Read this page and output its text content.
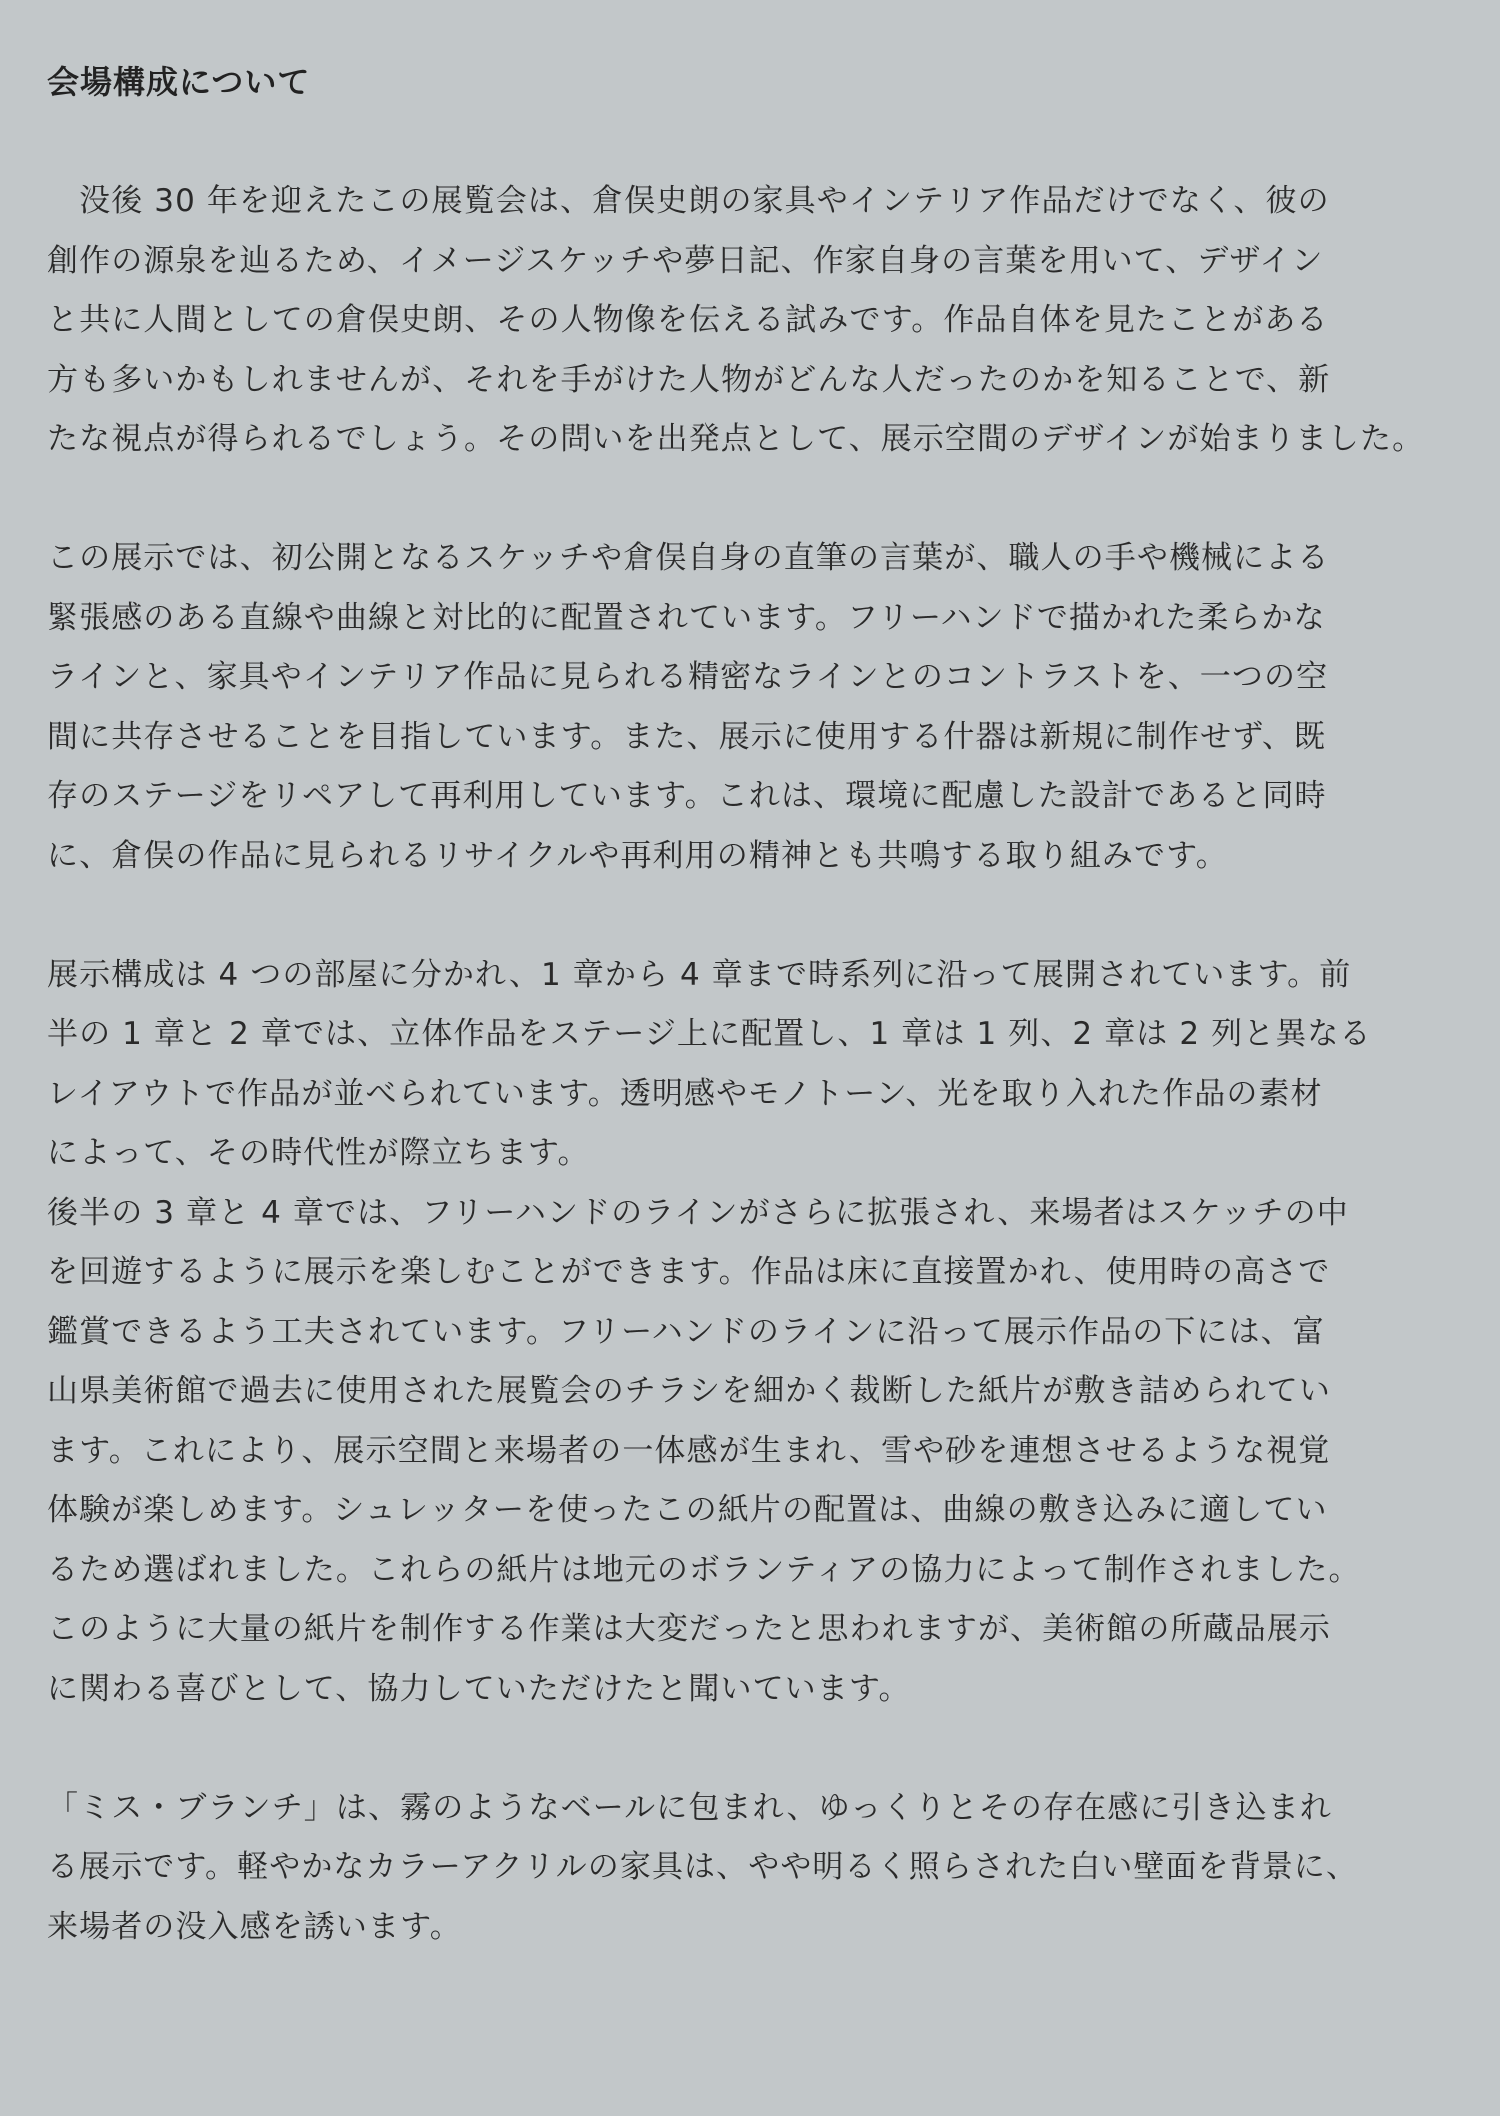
会場構成について

　没後 30 年を迎えたこの展覧会は、倉俣史朗の家具やインテリア作品だけでなく、彼の

創作の源泉を辿るため、イメージスケッチや夢日記、作家自身の言葉を用いて、デザイン

と共に人間としての倉俣史朗、その人物像を伝える試みです。作品自体を見たことがある

方も多いかもしれませんが、それを手がけた人物がどんな人だったのかを知ることで、新

たな視点が得られるでしょう。その問いを出発点として、展示空間のデザインが始まりました。

この展示では、初公開となるスケッチや倉俣自身の直筆の言葉が、職人の手や機械による

緊張感のある直線や曲線と対比的に配置されています。フリーハンドで描かれた柔らかな

ラインと、家具やインテリア作品に見られる精密なラインとのコントラストを、一つの空

間に共存させることを目指しています。また、展示に使用する什器は新規に制作せず、既

存のステージをリペアして再利用しています。これは、環境に配慮した設計であると同時

に、倉俣の作品に見られるリサイクルや再利用の精神とも共鳴する取り組みです。

展示構成は 4 つの部屋に分かれ、1 章から 4 章まで時系列に沿って展開されています。前

半の 1 章と 2 章では、立体作品をステージ上に配置し、1 章は 1 列、2 章は 2 列と異なる

レイアウトで作品が並べられています。透明感やモノトーン、光を取り入れた作品の素材

によって、その時代性が際立ちます。

後半の 3 章と 4 章では、フリーハンドのラインがさらに拡張され、来場者はスケッチの中

を回遊するように展示を楽しむことができます。作品は床に直接置かれ、使用時の高さで

鑑賞できるよう工夫されています。フリーハンドのラインに沿って展示作品の下には、富

山県美術館で過去に使用された展覧会のチラシを細かく裁断した紙片が敷き詰められてい

ます。これにより、展示空間と来場者の一体感が生まれ、雪や砂を連想させるような視覚

体験が楽しめます。シュレッターを使ったこの紙片の配置は、曲線の敷き込みに適してい

るため選ばれました。これらの紙片は地元のボランティアの協力によって制作されました。

このように大量の紙片を制作する作業は大変だったと思われますが、美術館の所蔵品展示

に関わる喜びとして、協力していただけたと聞いています。

「ミス・ブランチ」は、霧のようなベールに包まれ、ゆっくりとその存在感に引き込まれ

る展示です。軽やかなカラーアクリルの家具は、やや明るく照らされた白い壁面を背景に、

来場者の没入感を誘います。
